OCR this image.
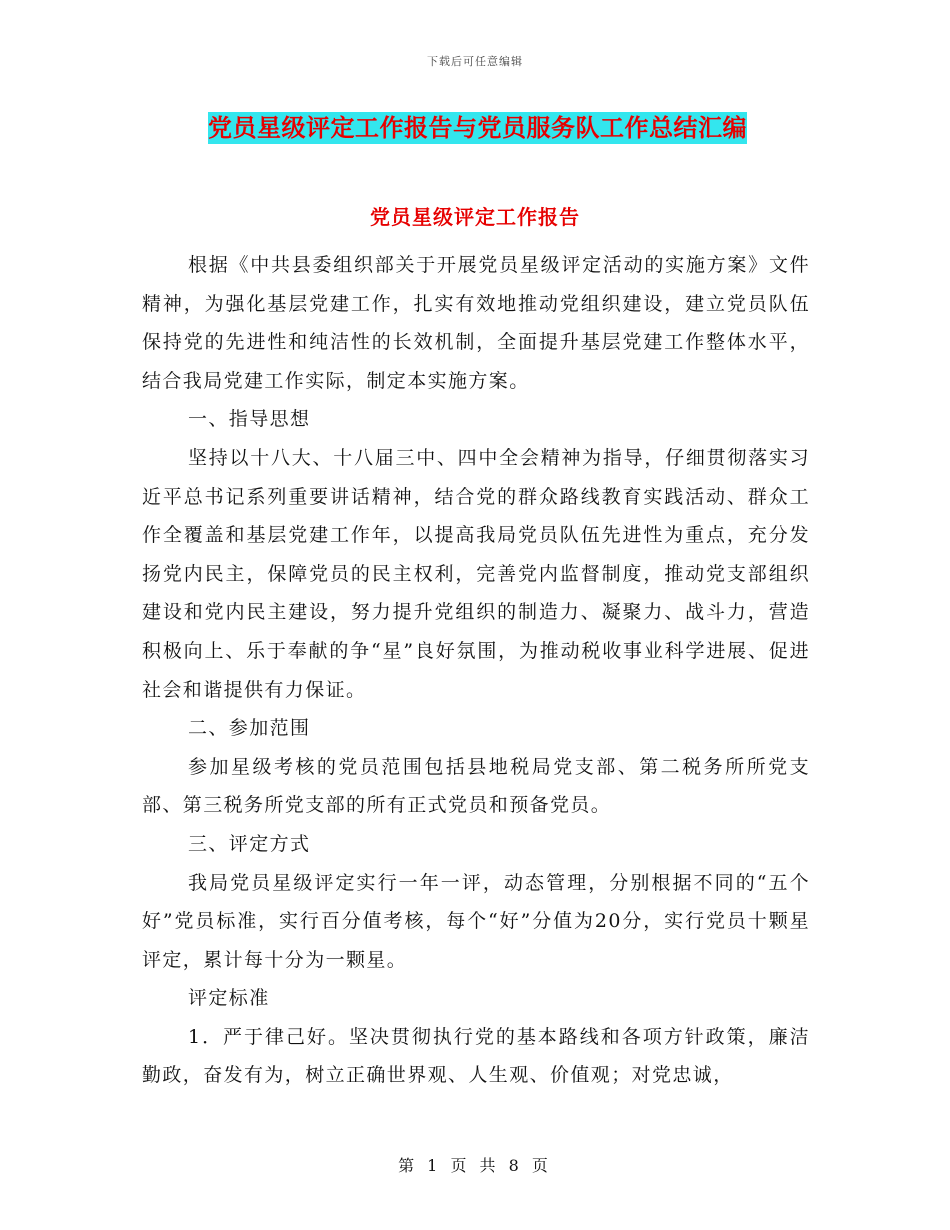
下载后可任意编辑
党员星级评定工作报告与党员服务队工作总结汇编
党员星级评定工作报告

根据《中共县委组织部关于开展党员星级评定活动的实施方案》文件精神，为强化基层党建工作，扎实有效地推动党组织建设，建立党员队伍保持党的先进性和纯洁性的长效机制，全面提升基层党建工作整体水平，结合我局党建工作实际，制定本实施方案。

一、指导思想

坚持以十八大、十八届三中、四中全会精神为指导，仔细贯彻落实习近平总书记系列重要讲话精神，结合党的群众路线教育实践活动、群众工作全覆盖和基层党建工作年，以提高我局党员队伍先进性为重点，充分发扬党内民主，保障党员的民主权利，完善党内监督制度，推动党支部组织建设和党内民主建设，努力提升党组织的制造力、凝聚力、战斗力，营造积极向上、乐于奉献的争“星”良好氛围，为推动税收事业科学进展、促进社会和谐提供有力保证。

二、参加范围

参加星级考核的党员范围包括县地税局党支部、第二税务所所党支部、第三税务所党支部的所有正式党员和预备党员。

三、评定方式

我局党员星级评定实行一年一评，动态管理，分别根据不同的“五个好”党员标准，实行百分值考核，每个“好”分值为20分，实行党员十颗星评定，累计每十分为一颗星。

评定标准

1．严于律己好。坚决贯彻执行党的基本路线和各项方针政策，廉洁勤政，奋发有为，树立正确世界观、人生观、价值观；对党忠诚，

第 1 页 共 8 页
